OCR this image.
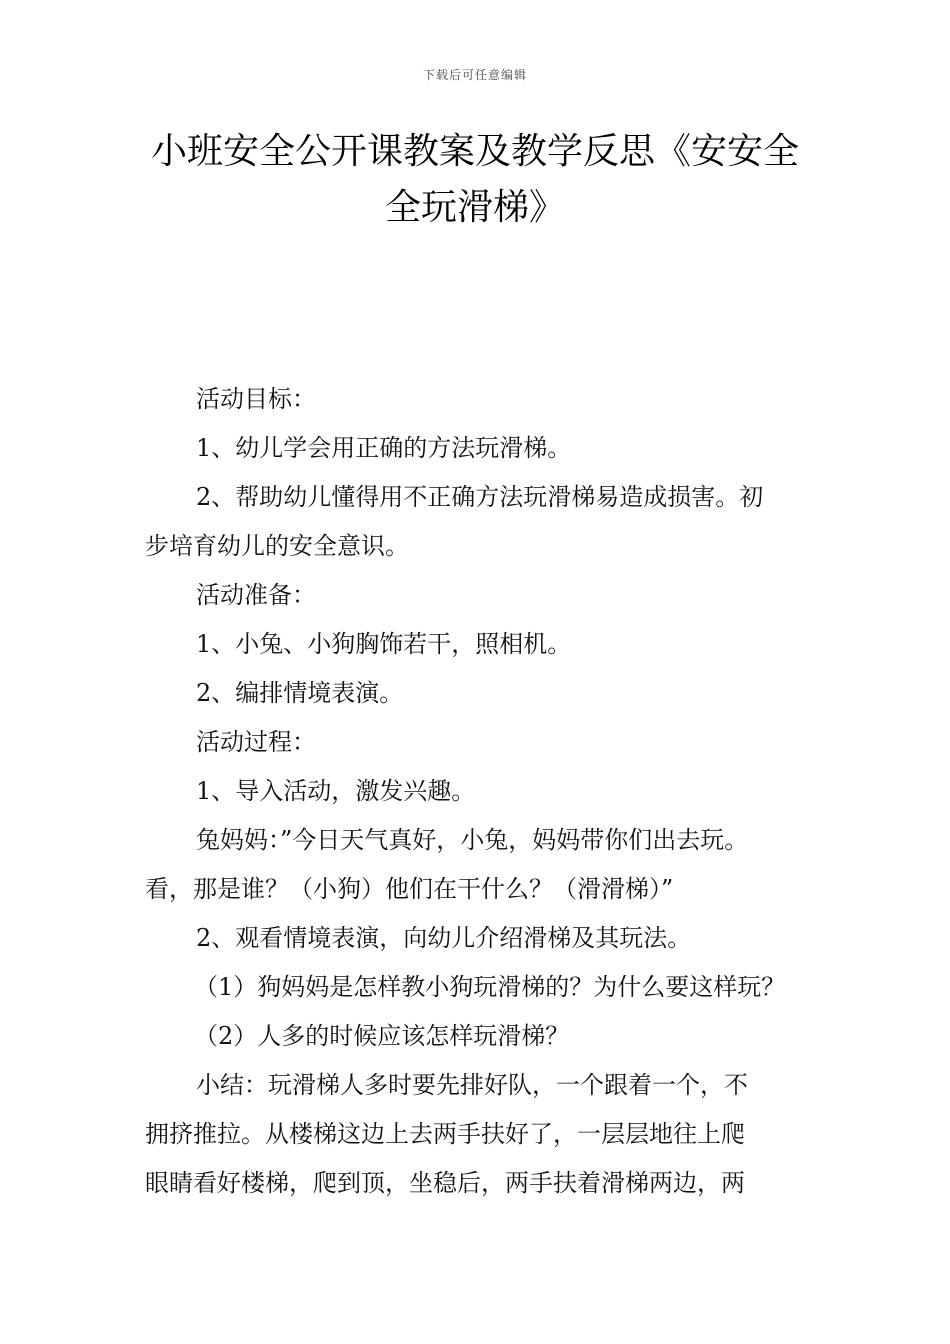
下载后可任意编辑
小班安全公开课教案及教学反思《安安全
全玩滑梯》

活动目标：

1、幼儿学会用正确的方法玩滑梯。

2、帮助幼儿懂得用不正确方法玩滑梯易造成损害。初

步培育幼儿的安全意识。

活动准备：

1、小兔、小狗胸饰若干，照相机。

2、编排情境表演。

活动过程：

1、导入活动，激发兴趣。

兔妈妈：”今日天气真好，小兔，妈妈带你们出去玩。

看，那是谁？（小狗）他们在干什么？（滑滑梯）”

2、观看情境表演，向幼儿介绍滑梯及其玩法。

（1）狗妈妈是怎样教小狗玩滑梯的？为什么要这样玩？

（2）人多的时候应该怎样玩滑梯？

小结：玩滑梯人多时要先排好队，一个跟着一个，不

拥挤推拉。从楼梯这边上去两手扶好了，一层层地往上爬

眼睛看好楼梯，爬到顶，坐稳后，两手扶着滑梯两边，两
